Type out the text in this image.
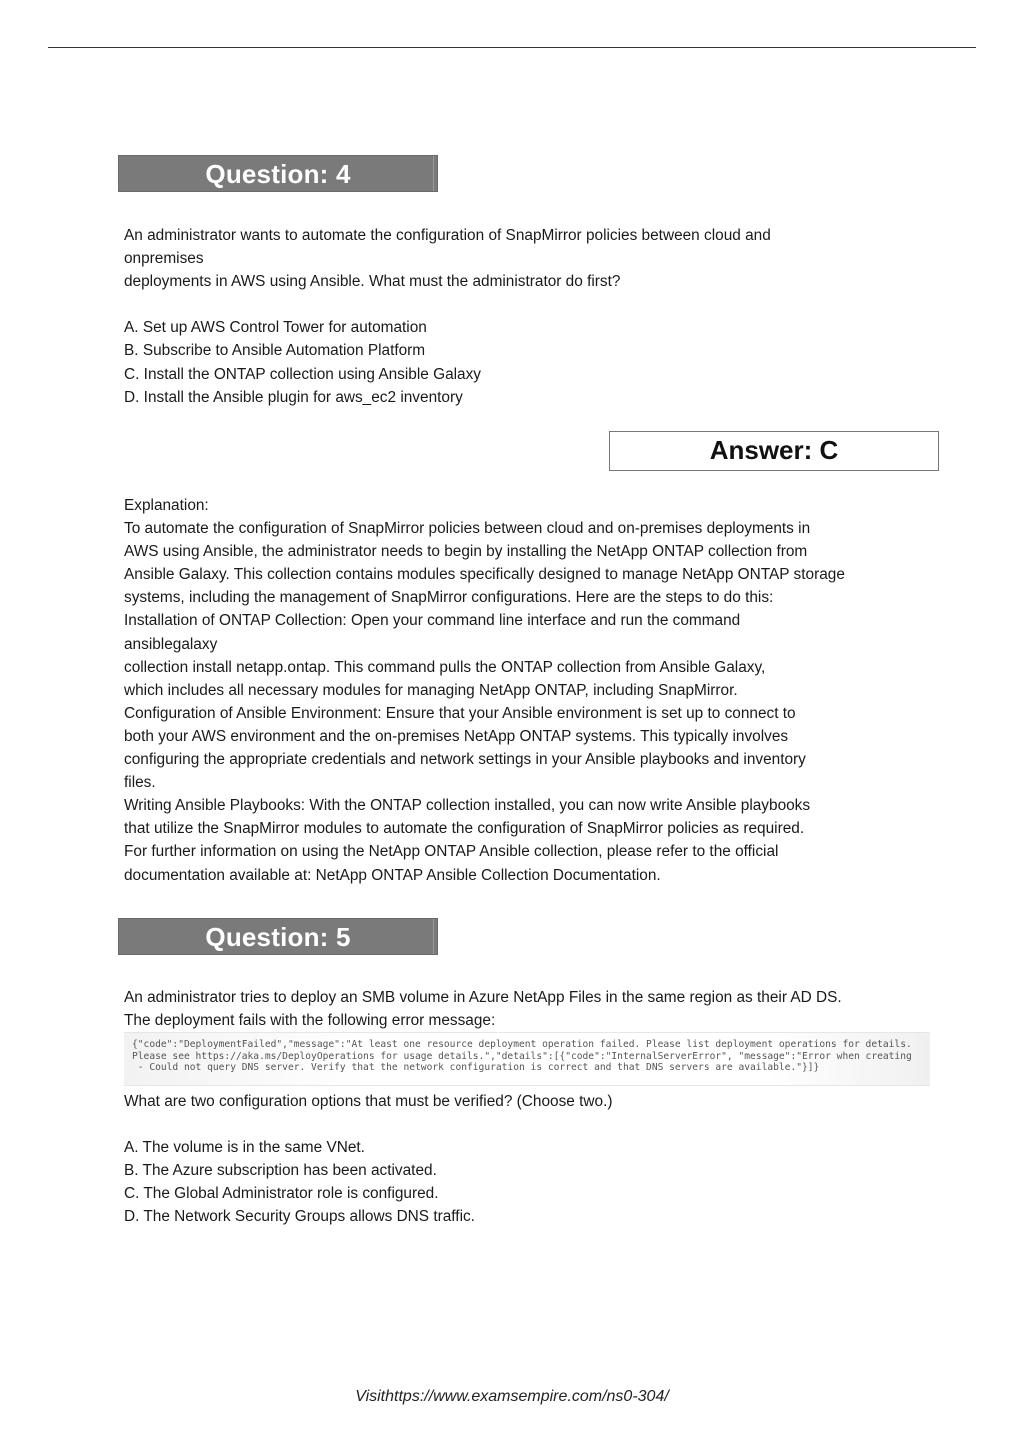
Question: 4
An administrator wants to automate the configuration of SnapMirror policies between cloud and
onpremises
deployments in AWS using Ansible. What must the administrator do first?
A. Set up AWS Control Tower for automation
B. Subscribe to Ansible Automation Platform
C. Install the ONTAP collection using Ansible Galaxy
D. Install the Ansible plugin for aws_ec2 inventory
Answer: C
Explanation:
To automate the configuration of SnapMirror policies between cloud and on-premises deployments in
AWS using Ansible, the administrator needs to begin by installing the NetApp ONTAP collection from
Ansible Galaxy. This collection contains modules specifically designed to manage NetApp ONTAP storage
systems, including the management of SnapMirror configurations. Here are the steps to do this:
Installation of ONTAP Collection: Open your command line interface and run the command
ansiblegalaxy
collection install netapp.ontap. This command pulls the ONTAP collection from Ansible Galaxy,
which includes all necessary modules for managing NetApp ONTAP, including SnapMirror.
Configuration of Ansible Environment: Ensure that your Ansible environment is set up to connect to
both your AWS environment and the on-premises NetApp ONTAP systems. This typically involves
configuring the appropriate credentials and network settings in your Ansible playbooks and inventory
files.
Writing Ansible Playbooks: With the ONTAP collection installed, you can now write Ansible playbooks
that utilize the SnapMirror modules to automate the configuration of SnapMirror policies as required.
For further information on using the NetApp ONTAP Ansible collection, please refer to the official
documentation available at: NetApp ONTAP Ansible Collection Documentation.
Question: 5
An administrator tries to deploy an SMB volume in Azure NetApp Files in the same region as their AD DS.
The deployment fails with the following error message:
{"code":"DeploymentFailed","message":"At least one resource deployment operation failed. Please list deployment operations for details.
Please see https://aka.ms/DeployOperations for usage details.","details":[{"code":"InternalServerError", "message":"Error when creating
- Could not query DNS server. Verify that the network configuration is correct and that DNS servers are available."}]}
What are two configuration options that must be verified? (Choose two.)
A. The volume is in the same VNet.
B. The Azure subscription has been activated.
C. The Global Administrator role is configured.
D. The Network Security Groups allows DNS traffic.
Visithttps://www.examsempire.com/ns0-304/
